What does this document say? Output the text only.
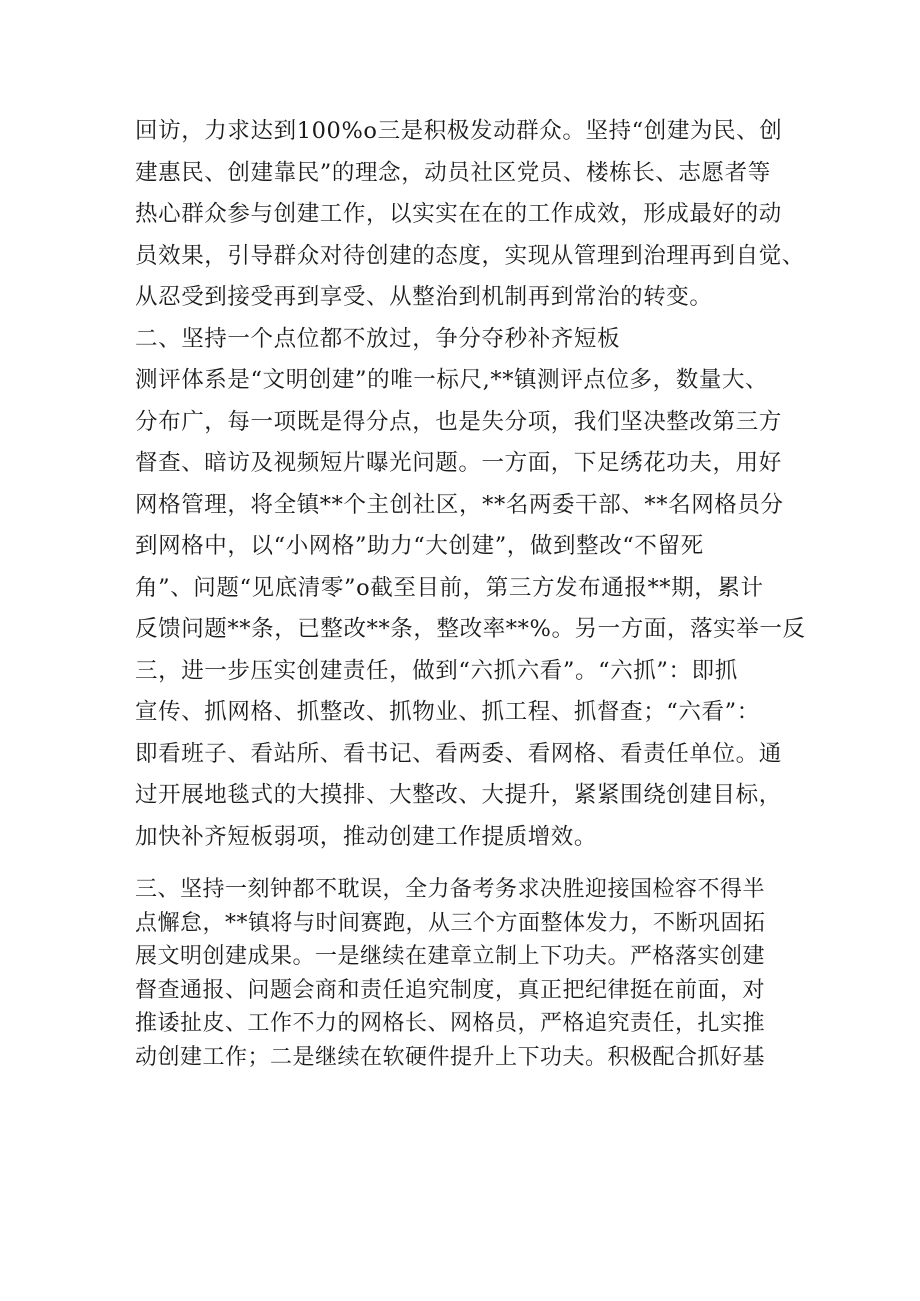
回访，力求达到100%o三是积极发动群众。坚持“创建为民、创
建惠民、创建靠民”的理念，动员社区党员、楼栋长、志愿者等
热心群众参与创建工作，以实实在在的工作成效，形成最好的动
员效果，引导群众对待创建的态度，实现从管理到治理再到自觉、
从忍受到接受再到享受、从整治到机制再到常治的转变。
二、坚持一个点位都不放过，争分夺秒补齐短板
测评体系是“文明创建”的唯一标尺,**镇测评点位多，数量大、
分布广，每一项既是得分点，也是失分项，我们坚决整改第三方
督查、暗访及视频短片曝光问题。一方面，下足绣花功夫，用好
网格管理，将全镇**个主创社区，**名两委干部、**名网格员分
到网格中，以“小网格”助力“大创建”，做到整改“不留死
角”、问题“见底清零”o截至目前，第三方发布通报**期，累计
反馈问题**条，已整改**条，整改率**%。另一方面，落实举一反
三，进一步压实创建责任，做到“六抓六看”。“六抓”：即抓
宣传、抓网格、抓整改、抓物业、抓工程、抓督查；“六看”：
即看班子、看站所、看书记、看两委、看网格、看责任单位。通
过开展地毯式的大摸排、大整改、大提升，紧紧围绕创建目标，
加快补齐短板弱项，推动创建工作提质增效。
三、坚持一刻钟都不耽误，全力备考务求决胜迎接国检容不得半
点懈怠，**镇将与时间赛跑，从三个方面整体发力，不断巩固拓
展文明创建成果。一是继续在建章立制上下功夫。严格落实创建
督查通报、问题会商和责任追究制度，真正把纪律挺在前面，对
推诿扯皮、工作不力的网格长、网格员，严格追究责任，扎实推
动创建工作；二是继续在软硬件提升上下功夫。积极配合抓好基
